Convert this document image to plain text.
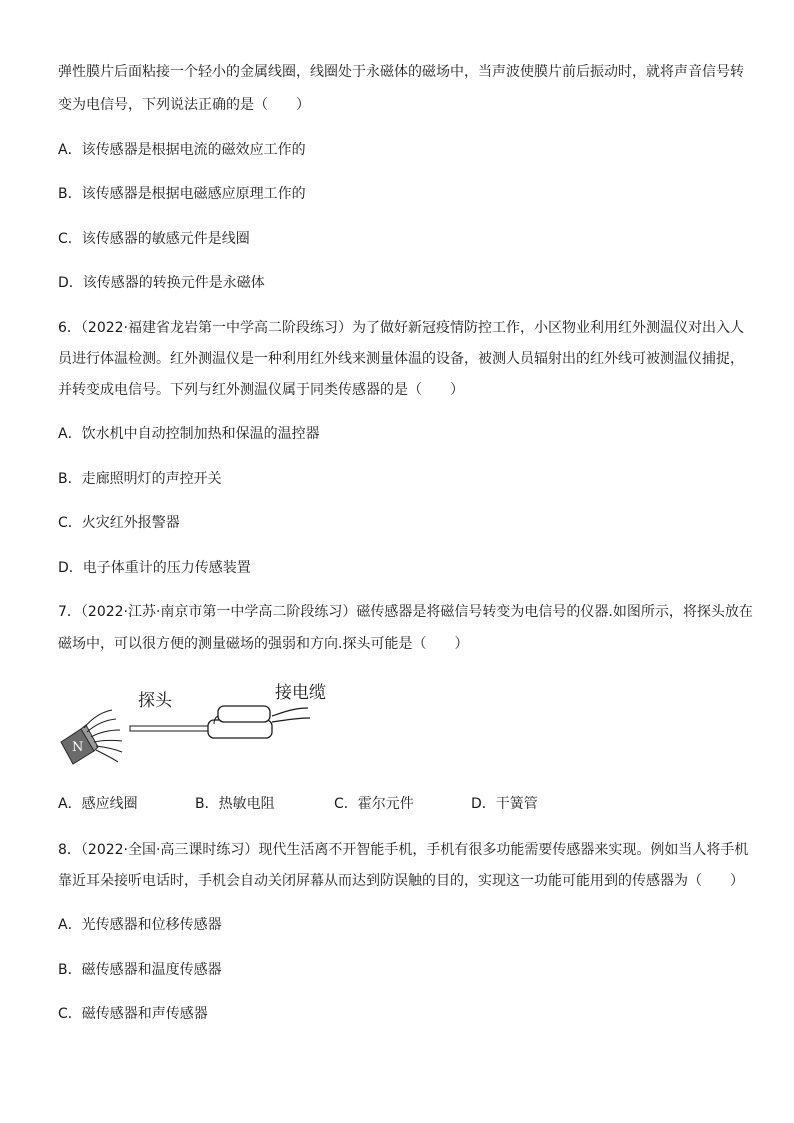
弹性膜片后面粘接一个轻小的金属线圈，线圈处于永磁体的磁场中，当声波使膜片前后振动时，就将声音信号转
变为电信号，下列说法正确的是（　　）
A．该传感器是根据电流的磁效应工作的
B．该传感器是根据电磁感应原理工作的
C．该传感器的敏感元件是线圈
D．该传感器的转换元件是永磁体
6．（2022·福建省龙岩第一中学高二阶段练习）为了做好新冠疫情防控工作，小区物业利用红外测温仪对出入人
员进行体温检测。红外测温仪是一种利用红外线来测量体温的设备，被测人员辐射出的红外线可被测温仪捕捉，
并转变成电信号。下列与红外测温仪属于同类传感器的是（　　）
A．饮水机中自动控制加热和保温的温控器
B．走廊照明灯的声控开关
C．火灾红外报警器
D．电子体重计的压力传感装置
7．（2022·江苏·南京市第一中学高二阶段练习）磁传感器是将磁信号转变为电信号的仪器.如图所示，将探头放在
磁场中，可以很方便的测量磁场的强弱和方向.探头可能是（　　）
N
探头	接电缆
A．感应线圈	B．热敏电阻	C．霍尔元件	D．干簧管
8．（2022·全国·高三课时练习）现代生活离不开智能手机，手机有很多功能需要传感器来实现。例如当人将手机
靠近耳朵接听电话时，手机会自动关闭屏幕从而达到防误触的目的，实现这一功能可能用到的传感器为（　　）
A．光传感器和位移传感器
B．磁传感器和温度传感器
C．磁传感器和声传感器
